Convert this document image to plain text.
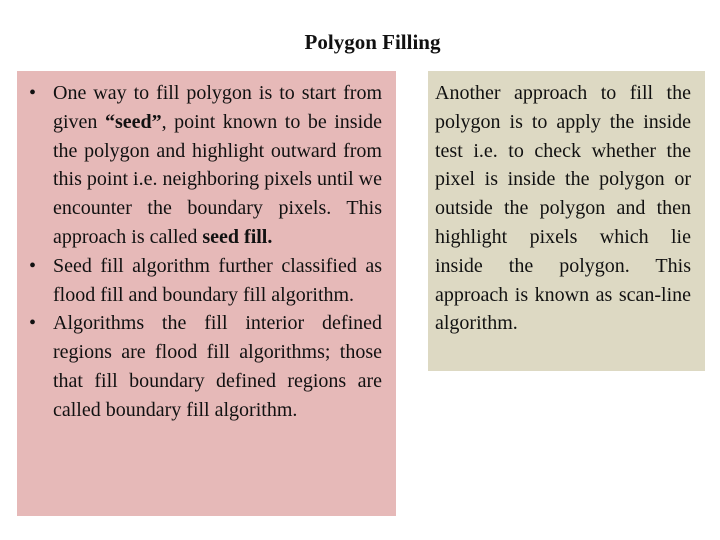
Polygon Filling
• One way to fill polygon is to start from given “seed”, point known to be inside the polygon and highlight outward from this point i.e. neighboring pixels until we encounter the boundary pixels. This approach is called seed fill.
• Seed fill algorithm further classified as flood fill and boundary fill algorithm.
• Algorithms the fill interior defined regions are flood fill algorithms; those that fill boundary defined regions are called boundary fill algorithm.

Another approach to fill the polygon is to apply the inside test i.e. to check whether the pixel is inside the polygon or outside the polygon and then highlight pixels which lie inside the polygon. This approach is known as scan-line algorithm.
